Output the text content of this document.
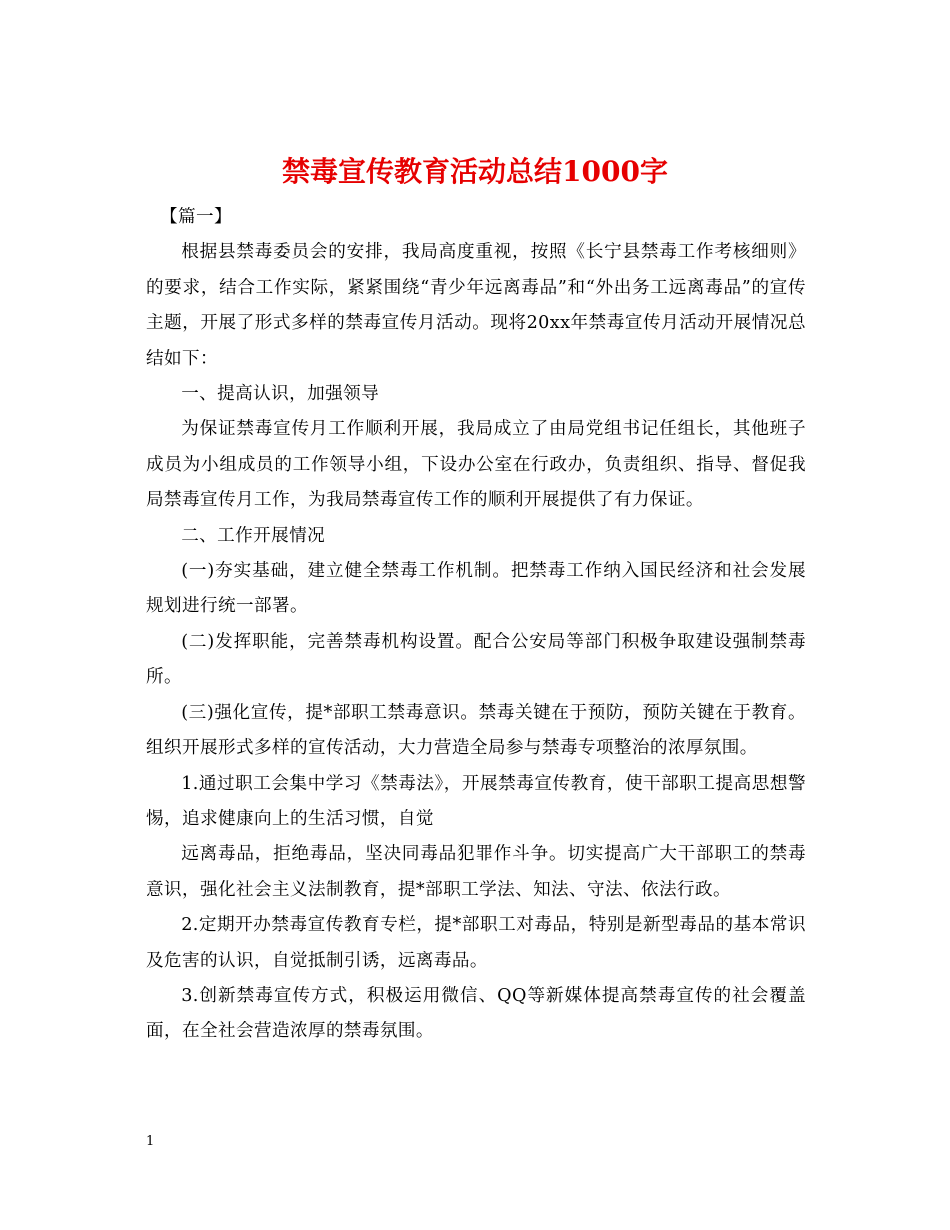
禁毒宣传教育活动总结1000字

【篇一】

根据县禁毒委员会的安排，我局高度重视，按照《长宁县禁毒工作考核细则》的要求，结合工作实际，紧紧围绕“青少年远离毒品”和“外出务工远离毒品”的宣传主题，开展了形式多样的禁毒宣传月活动。现将20xx年禁毒宣传月活动开展情况总结如下：

一、提高认识，加强领导

为保证禁毒宣传月工作顺利开展，我局成立了由局党组书记任组长，其他班子成员为小组成员的工作领导小组，下设办公室在行政办，负责组织、指导、督促我局禁毒宣传月工作，为我局禁毒宣传工作的顺利开展提供了有力保证。

二、工作开展情况

(一)夯实基础，建立健全禁毒工作机制。把禁毒工作纳入国民经济和社会发展规划进行统一部署。

(二)发挥职能，完善禁毒机构设置。配合公安局等部门积极争取建设强制禁毒所。

(三)强化宣传，提*部职工禁毒意识。禁毒关键在于预防，预防关键在于教育。组织开展形式多样的宣传活动，大力营造全局参与禁毒专项整治的浓厚氛围。

1.通过职工会集中学习《禁毒法》，开展禁毒宣传教育，使干部职工提高思想警惕，追求健康向上的生活习惯，自觉

远离毒品，拒绝毒品，坚决同毒品犯罪作斗争。切实提高广大干部职工的禁毒意识，强化社会主义法制教育，提*部职工学法、知法、守法、依法行政。

2.定期开办禁毒宣传教育专栏，提*部职工对毒品，特别是新型毒品的基本常识及危害的认识，自觉抵制引诱，远离毒品。

3.创新禁毒宣传方式，积极运用微信、QQ等新媒体提高禁毒宣传的社会覆盖面，在全社会营造浓厚的禁毒氛围。

1
